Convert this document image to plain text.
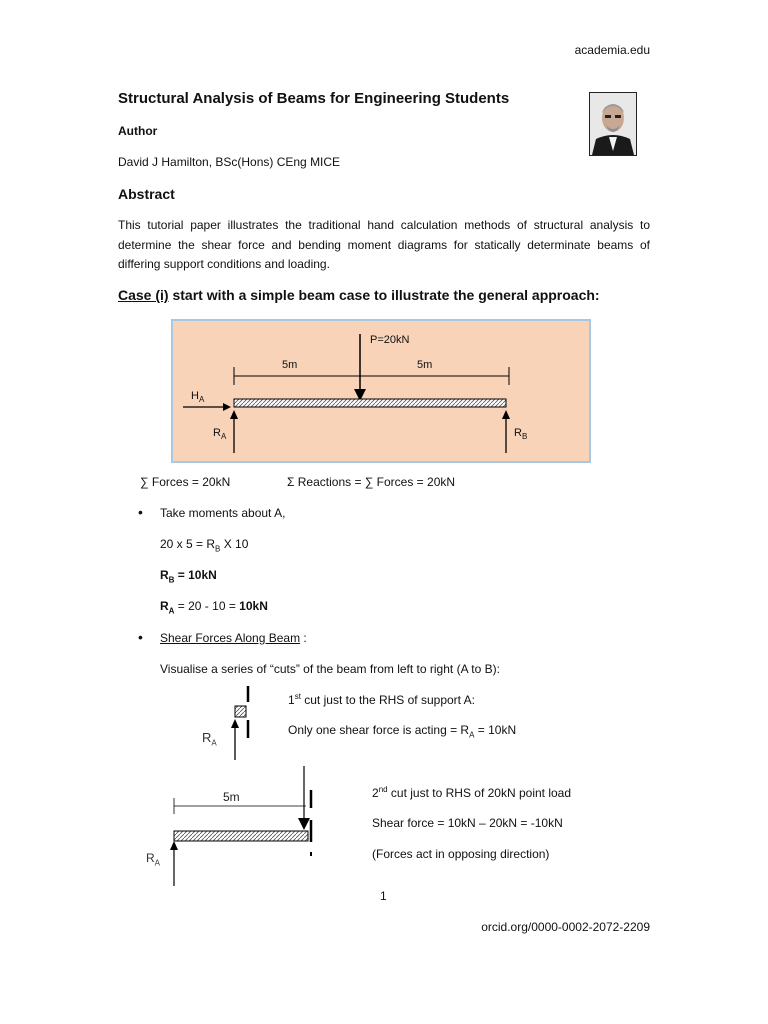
academia.edu
Structural Analysis of Beams for Engineering Students
Author
David J Hamilton, BSc(Hons) CEng MICE
Abstract
This tutorial paper illustrates the traditional hand calculation methods of structural analysis to determine the shear force and bending moment diagrams for statically determinate beams of differing support conditions and loading.
Case (i) start with a simple beam case to illustrate the general approach:
P=20kN
5m	5m
$H_A$
$R_A$	$R_B$
∑ Forces = 20kN	Σ Reactions = ∑ Forces = 20kN
• Take moments about A,
20 x $5 = R_B$ X 10
$R_B = 10kN$
$R_A = 20 - 10 = 10kN$
• Shear Forces Along Beam :
Visualise a series of “cuts” of the beam from left to right (A to B):
$R_A$
1st cut just to the RHS of support A:
Only one shear force is acting = $R_A = 10kN$
5m
$R_A$
2nd cut just to RHS of 20kN point load
Shear force = 10kN – 20kN = -10kN
(Forces act in opposing direction)
1
orcid.org/0000-0002-2072-2209
